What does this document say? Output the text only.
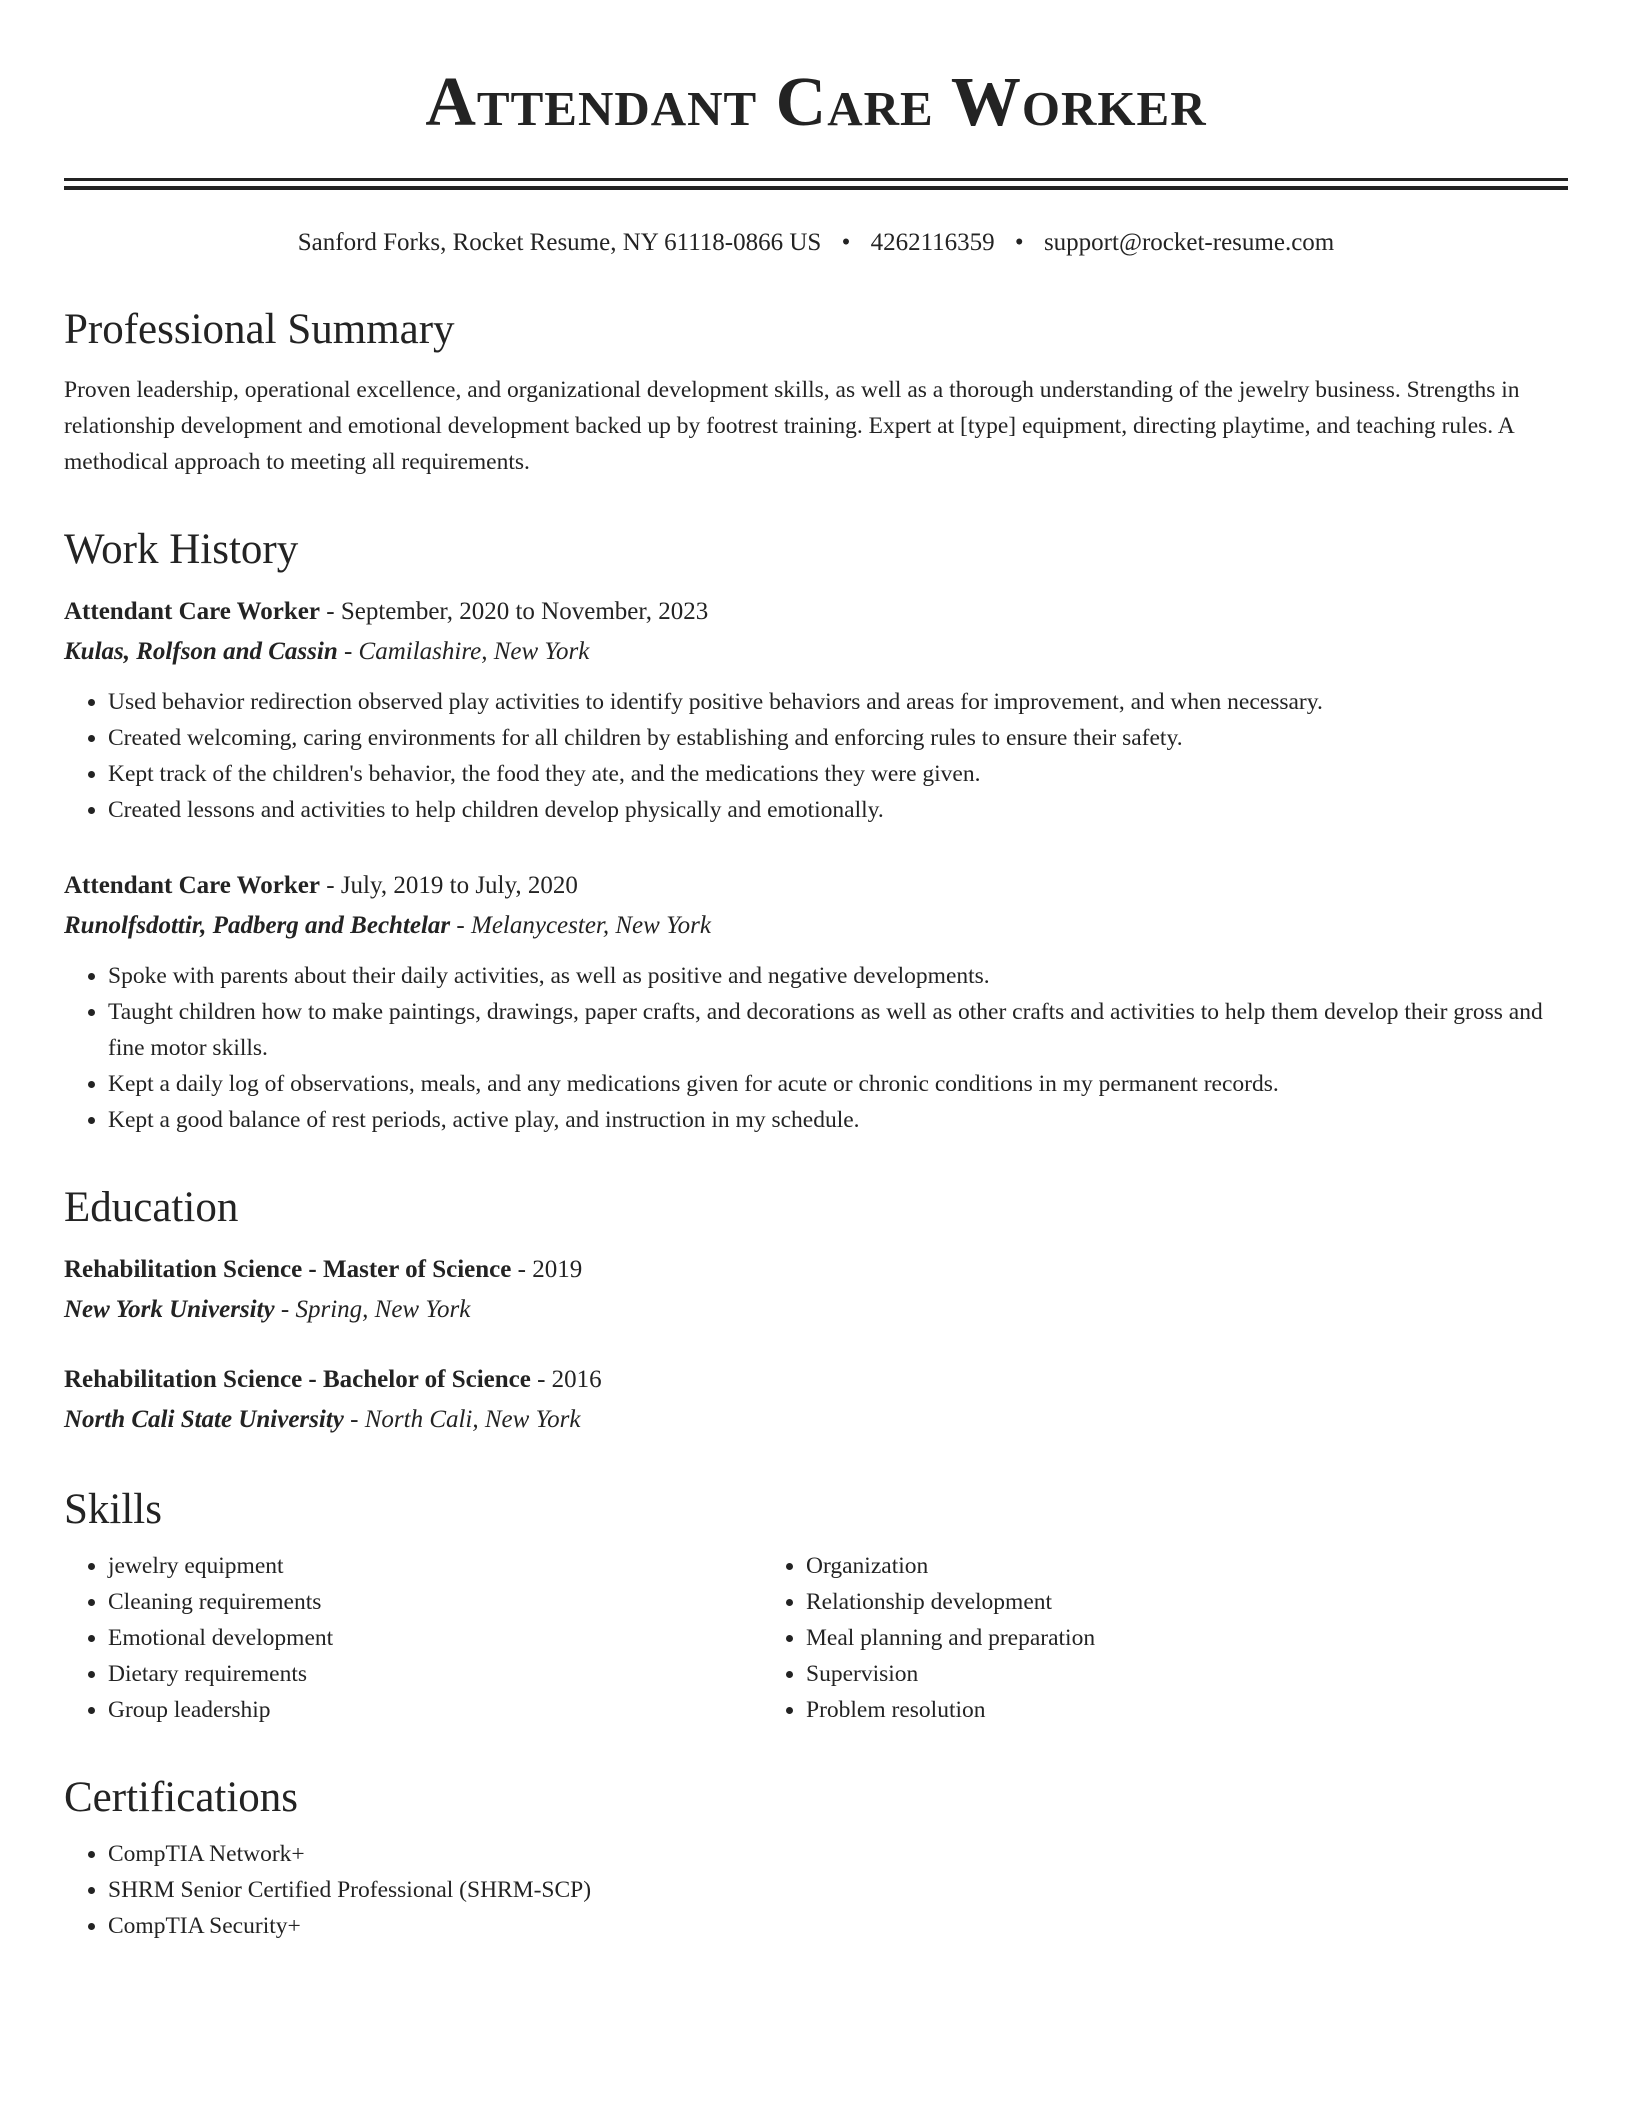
Attendant Care Worker
Sanford Forks, Rocket Resume, NY 61118-0866 US • 4262116359 • support@rocket-resume.com
Professional Summary
Proven leadership, operational excellence, and organizational development skills, as well as a thorough understanding of the jewelry business. Strengths in relationship development and emotional development backed up by footrest training. Expert at [type] equipment, directing playtime, and teaching rules. A methodical approach to meeting all requirements.
Work History
Attendant Care Worker - September, 2020 to November, 2023
Kulas, Rolfson and Cassin - Camilashire, New York
• Used behavior redirection observed play activities to identify positive behaviors and areas for improvement, and when necessary.
• Created welcoming, caring environments for all children by establishing and enforcing rules to ensure their safety.
• Kept track of the children's behavior, the food they ate, and the medications they were given.
• Created lessons and activities to help children develop physically and emotionally.
Attendant Care Worker - July, 2019 to July, 2020
Runolfsdottir, Padberg and Bechtelar - Melanycester, New York
• Spoke with parents about their daily activities, as well as positive and negative developments.
• Taught children how to make paintings, drawings, paper crafts, and decorations as well as other crafts and activities to help them develop their gross and fine motor skills.
• Kept a daily log of observations, meals, and any medications given for acute or chronic conditions in my permanent records.
• Kept a good balance of rest periods, active play, and instruction in my schedule.
Education
Rehabilitation Science - Master of Science - 2019
New York University - Spring, New York
Rehabilitation Science - Bachelor of Science - 2016
North Cali State University - North Cali, New York
Skills
• jewelry equipment
• Cleaning requirements
• Emotional development
• Dietary requirements
• Group leadership
• Organization
• Relationship development
• Meal planning and preparation
• Supervision
• Problem resolution
Certifications
• CompTIA Network+
• SHRM Senior Certified Professional (SHRM-SCP)
• CompTIA Security+
